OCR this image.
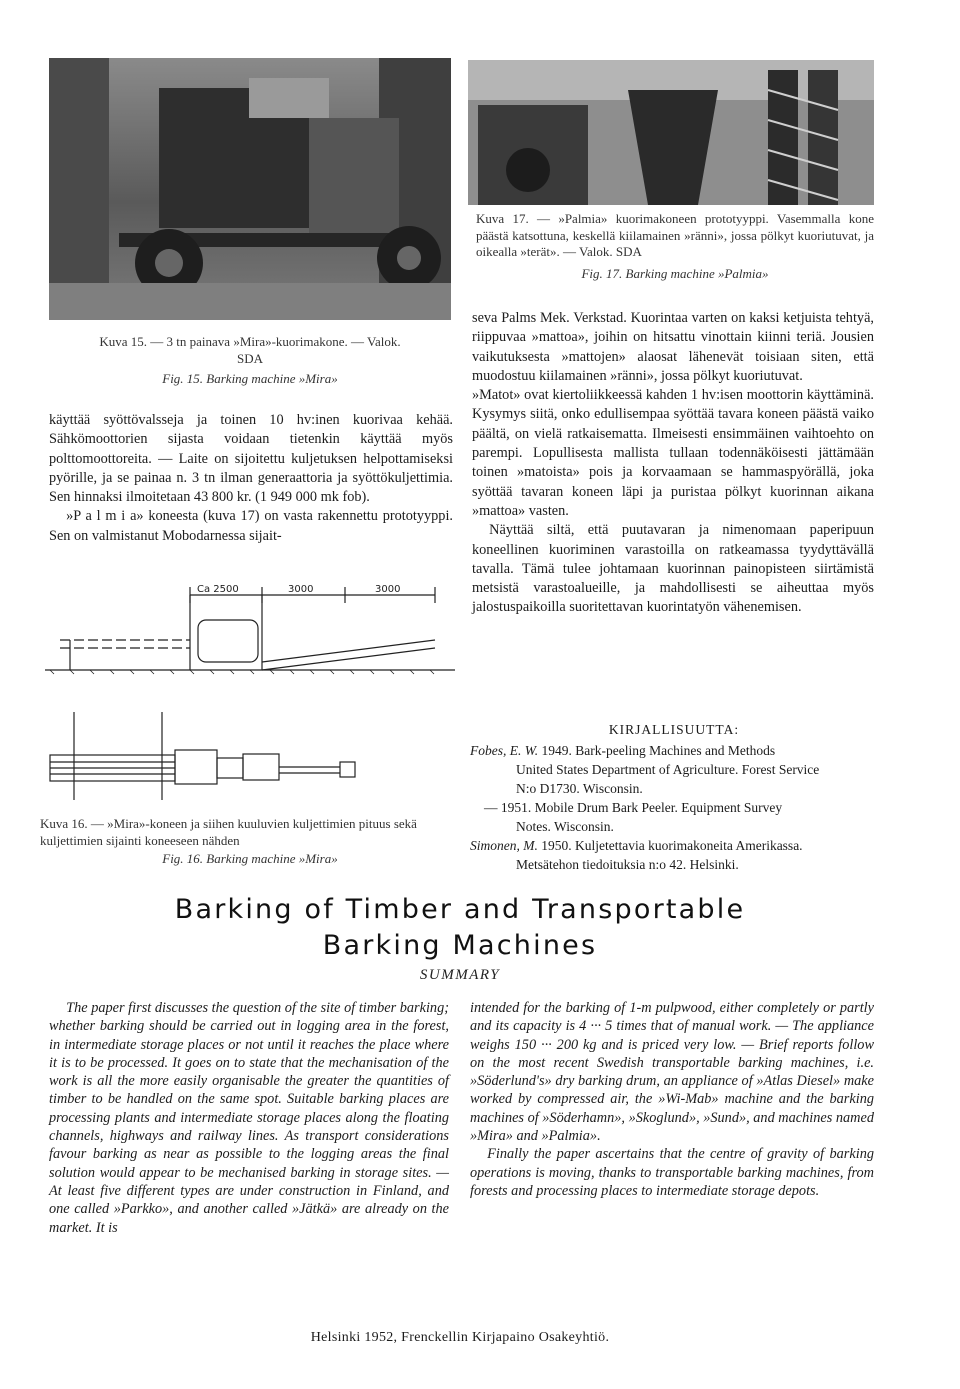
Kuva 15. — 3 tn painava »Mira»-kuorimakone. — Valok. SDA
Fig. 15. Barking machine »Mira»
Kuva 17. — »Palmia» kuorimakoneen prototyyppi. Vasemmalla kone päästä katsottuna, keskellä kiilamainen »ränni», jossa pölkyt kuoriutuvat, ja oikealla »terät». — Valok. SDA
Fig. 17. Barking machine »Palmia»

käyttää syöttövalsseja ja toinen 10 hv:inen kuorivaa kehää. Sähkömoottorien sijasta voidaan tietenkin käyttää myös polttomoottoreita. — Laite on sijoitettu kuljetuksen helpottamiseksi pyörille, ja se painaa n. 3 tn ilman generaattoria ja syöttökuljettimia. Sen hinnaksi ilmoitetaan 43 800 kr. (1 949 000 mk fob).

»P a l m i a» koneesta (kuva 17) on vasta rakennettu prototyyppi. Sen on valmistanut Mobodarnessa sijait-

Ca 2500	3000	3000
Kuva 16. — »Mira»-koneen ja siihen kuuluvien kuljettimien pituus sekä kuljettimien sijainti koneeseen nähden
Fig. 16. Barking machine »Mira»

seva Palms Mek. Verkstad. Kuorintaa varten on kaksi ketjuista tehtyä, riippuvaa »mattoa», joihin on hitsattu vinottain kiinni teriä. Jousien vaikutuksesta »mattojen» alaosat lähenevät toisiaan siten, että muodostuu kiilamainen »ränni», jossa pölkyt kuoriutuvat.

»Matot» ovat kiertoliikkeessä kahden 1 hv:isen moottorin käyttäminä. Kysymys siitä, onko edullisempaa syöttää tavara koneen päästä vaiko päältä, on vielä ratkaisematta. Ilmeisesti ensimmäinen vaihtoehto on parempi. Lopullisesta mallista tullaan todennäköisesti jättämään toinen »matoista» pois ja korvaamaan se hammaspyörällä, joka syöttää tavaran koneen läpi ja puristaa pölkyt kuorinnan aikana »mattoa» vasten.

Näyttää siltä, että puutavaran ja nimenomaan paperipuun koneellinen kuoriminen varastoilla on ratkeamassa tyydyttävällä tavalla. Tämä tulee johtamaan kuorinnan painopisteen siirtämistä metsistä varastoalueille, ja mahdollisesti se aiheuttaa myös jalostuspaikoilla suoritettavan kuorintatyön vähenemisen.

KIRJALLISUUTTA:
Fobes, E. W. 1949. Bark-peeling Machines and Methods
United States Department of Agriculture. Forest Service
N:o D1730. Wisconsin.
— 1951. Mobile Drum Bark Peeler. Equipment Survey
Notes. Wisconsin.
Simonen, M. 1950. Kuljetettavia kuorimakoneita Amerikassa.
Metsätehon tiedoituksia n:o 42. Helsinki.
Barking of Timber and Transportable
Barking Machines
SUMMARY

The paper first discusses the question of the site of timber barking; whether barking should be carried out in logging area in the forest, in intermediate storage places or not until it reaches the place where it is to be processed. It goes on to state that the mechanisation of the work is all the more easily organisable the greater the quantities of timber to be handled on the same spot. Suitable barking places are processing plants and intermediate storage places along the floating channels, highways and railway lines. As transport considerations favour barking as near as possible to the logging areas the final solution would appear to be mechanised barking in storage sites. — At least five different types are under construction in Finland, and one called »Parkko», and another called »Jätkä» are already on the market. It is

intended for the barking of 1-m pulpwood, either completely or partly and its capacity is 4 ··· 5 times that of manual work. — The appliance weighs 150 ··· 200 kg and is priced very low. — Brief reports follow on the most recent Swedish transportable barking machines, i.e. »Söderlund's» dry barking drum, an appliance of »Atlas Diesel» make worked by compressed air, the »Wi-Mab» machine and the barking machines of »Söderhamn», »Skoglund», »Sund», and machines named »Mira» and »Palmia».

Finally the paper ascertains that the centre of gravity of barking operations is moving, thanks to transportable barking machines, from forests and processing places to intermediate storage depots.

Helsinki 1952, Frenckellin Kirjapaino Osakeyhtiö.
